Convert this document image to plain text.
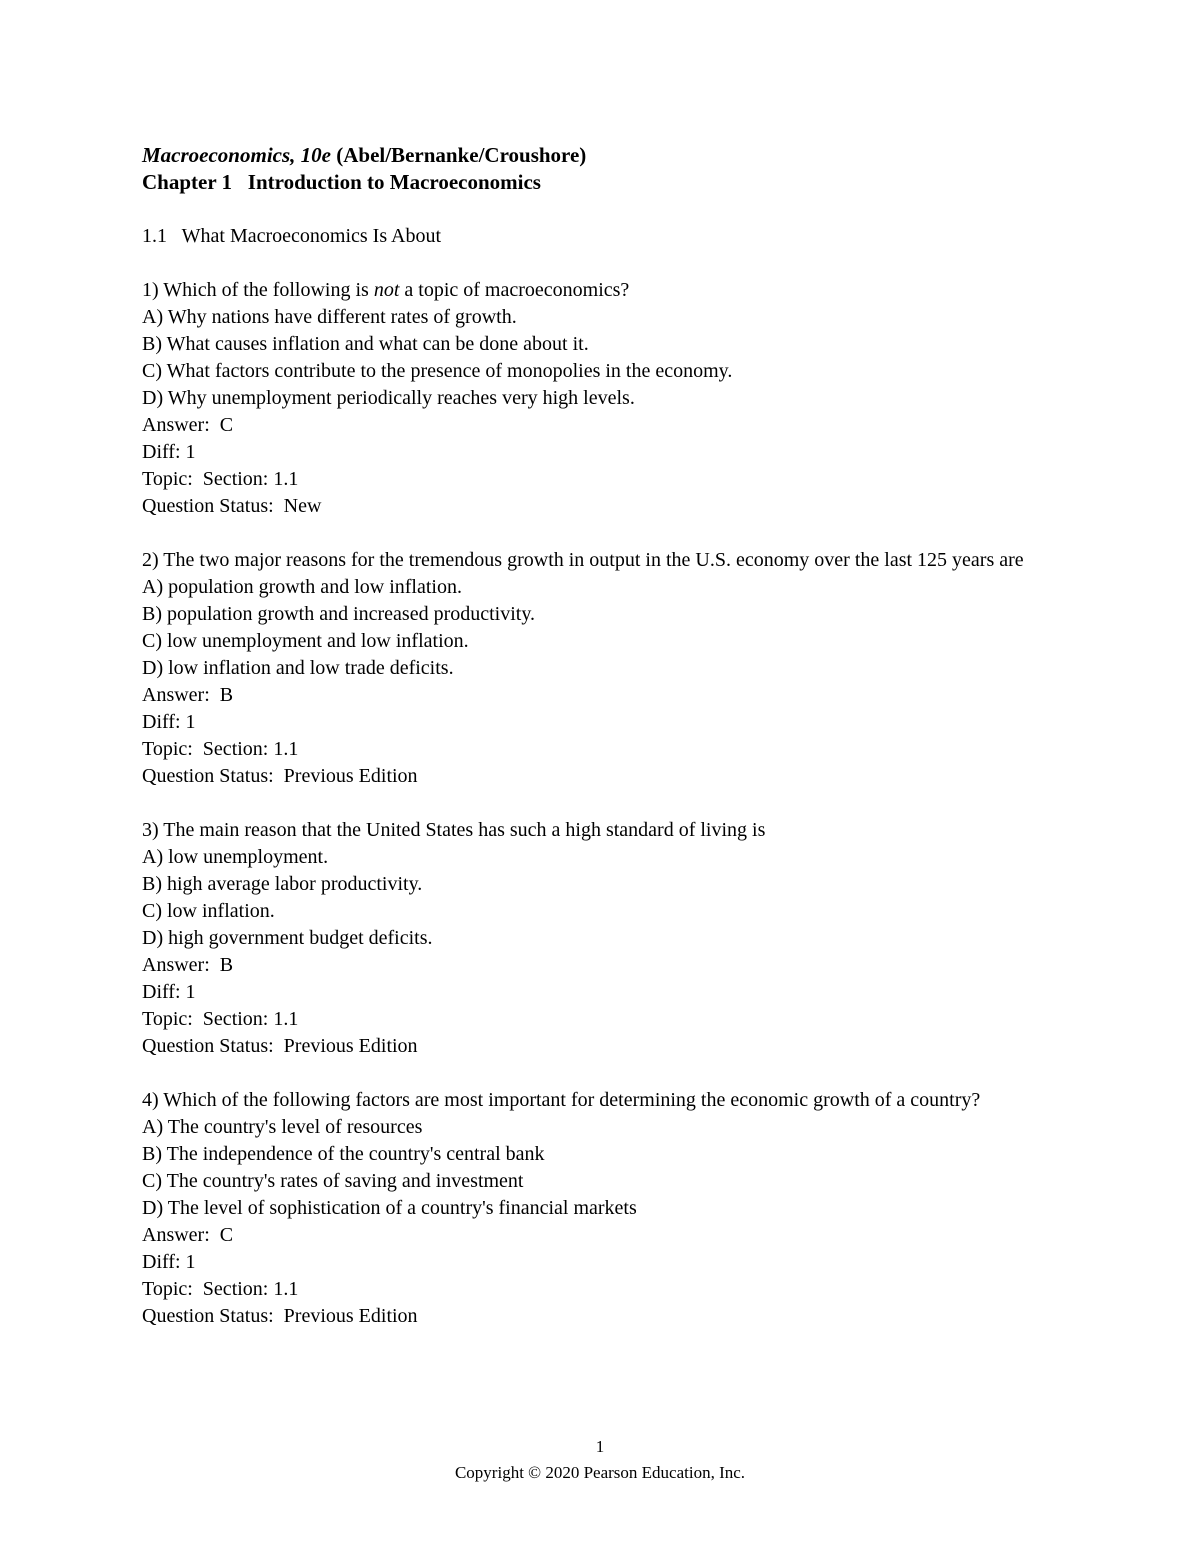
Macroeconomics, 10e (Abel/Bernanke/Croushore)
Chapter 1   Introduction to Macroeconomics
1.1   What Macroeconomics Is About
1) Which of the following is not a topic of macroeconomics?
A) Why nations have different rates of growth.
B) What causes inflation and what can be done about it.
C) What factors contribute to the presence of monopolies in the economy.
D) Why unemployment periodically reaches very high levels.
Answer:  C
Diff: 1
Topic:  Section: 1.1
Question Status:  New
2) The two major reasons for the tremendous growth in output in the U.S. economy over the last 125 years are
A) population growth and low inflation.
B) population growth and increased productivity.
C) low unemployment and low inflation.
D) low inflation and low trade deficits.
Answer:  B
Diff: 1
Topic:  Section: 1.1
Question Status:  Previous Edition
3) The main reason that the United States has such a high standard of living is
A) low unemployment.
B) high average labor productivity.
C) low inflation.
D) high government budget deficits.
Answer:  B
Diff: 1
Topic:  Section: 1.1
Question Status:  Previous Edition
4) Which of the following factors are most important for determining the economic growth of a country?
A) The country's level of resources
B) The independence of the country's central bank
C) The country's rates of saving and investment
D) The level of sophistication of a country's financial markets
Answer:  C
Diff: 1
Topic:  Section: 1.1
Question Status:  Previous Edition
1
Copyright © 2020 Pearson Education, Inc.
